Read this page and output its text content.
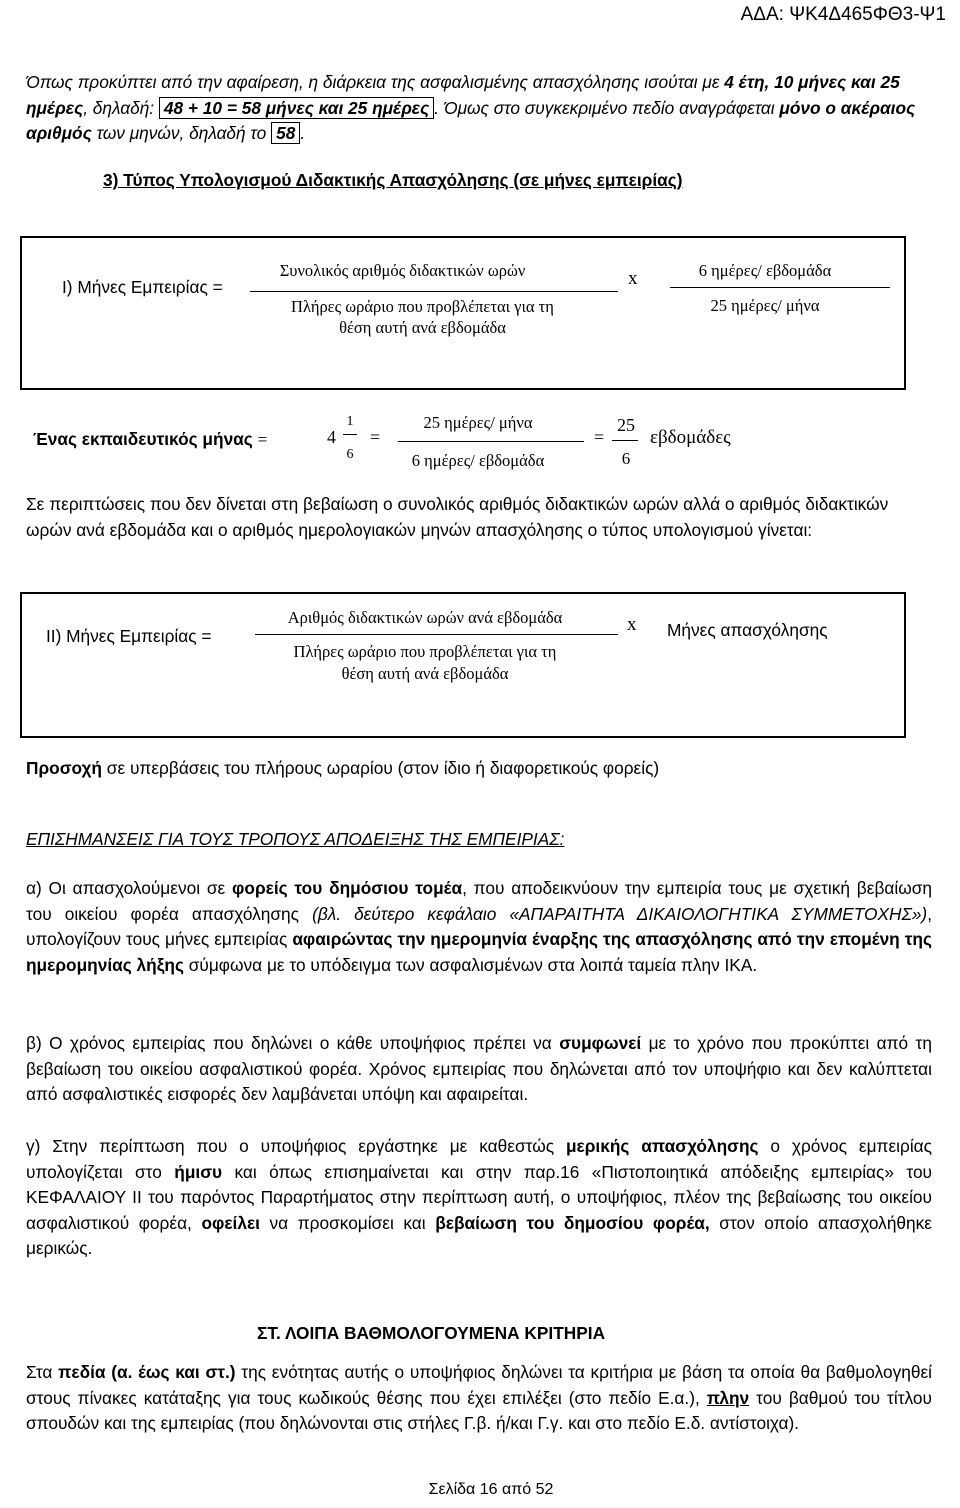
ΑΔΑ: ΨΚ4Δ465ΦΘ3-Ψ1
Όπως προκύπτει από την αφαίρεση, η διάρκεια της ασφαλισμένης απασχόλησης ισούται με 4 έτη, 10 μήνες και 25 ημέρες, δηλαδή: 48 + 10 = 58 μήνες και 25 ημέρες . Όμως στο συγκεκριμένο πεδίο αναγράφεται μόνο ο ακέραιος αριθμός των μηνών, δηλαδή το 58 .
3) Τύπος Υπολογισμού Διδακτικής Απασχόλησης (σε μήνες εμπειρίας)
Ι) Μήνες Εμπειρίας =
Συνολικός αριθμός διδακτικών ωρών
Πλήρες ωράριο που προβλέπεται για τη
θέση αυτή ανά εβδομάδα
x	6 ημέρες/ εβδομάδα
25 ημέρες/ μήνα
Ένας εκπαιδευτικός μήνας =	4
1
6
=
25 ημέρες/ μήνα
6 ημέρες/ εβδομάδα
=
25
6
εβδομάδες
Σε περιπτώσεις που δεν δίνεται στη βεβαίωση ο συνολικός αριθμός διδακτικών ωρών αλλά ο αριθμός διδακτικών ωρών ανά εβδομάδα και ο αριθμός ημερολογιακών μηνών απασχόλησης ο τύπος υπολογισμού γίνεται:
ΙΙ) Μήνες Εμπειρίας =
Αριθμός διδακτικών ωρών ανά εβδομάδα
Πλήρες ωράριο που προβλέπεται για τη
θέση αυτή ανά εβδομάδα
x Μήνες απασχόλησης
Προσοχή σε υπερβάσεις του πλήρους ωραρίου (στον ίδιο ή διαφορετικούς φορείς)
ΕΠΙΣΗΜΑΝΣΕΙΣ ΓΙΑ ΤΟΥΣ ΤΡΟΠΟΥΣ ΑΠΟΔΕΙΞΗΣ ΤΗΣ ΕΜΠΕΙΡΙΑΣ:
α) Οι απασχολούμενοι σε φορείς του δημόσιου τομέα, που αποδεικνύουν την εμπειρία τους με σχετική βεβαίωση του οικείου φορέα απασχόλησης (βλ. δεύτερο κεφάλαιο «ΑΠΑΡΑΙΤΗΤΑ ΔΙΚΑΙΟΛΟΓΗΤΙΚΑ ΣΥΜΜΕΤΟΧΗΣ»), υπολογίζουν τους μήνες εμπειρίας αφαιρώντας την ημερομηνία έναρξης της απασχόλησης από την επομένη της ημερομηνίας λήξης σύμφωνα με το υπόδειγμα των ασφαλισμένων στα λοιπά ταμεία πλην ΙΚΑ.
β) Ο χρόνος εμπειρίας που δηλώνει ο κάθε υποψήφιος πρέπει να συμφωνεί με το χρόνο που προκύπτει από τη βεβαίωση του οικείου ασφαλιστικού φορέα. Χρόνος εμπειρίας που δηλώνεται από τον υποψήφιο και δεν καλύπτεται από ασφαλιστικές εισφορές δεν λαμβάνεται υπόψη και αφαιρείται.
γ) Στην περίπτωση που ο υποψήφιος εργάστηκε με καθεστώς μερικής απασχόλησης ο χρόνος εμπειρίας υπολογίζεται στο ήμισυ και όπως επισημαίνεται και στην παρ.16 «Πιστοποιητικά απόδειξης εμπειρίας» του ΚΕΦΑΛΑΙΟΥ ΙΙ του παρόντος Παραρτήματος στην περίπτωση αυτή, ο υποψήφιος, πλέον της βεβαίωσης του οικείου ασφαλιστικού φορέα, οφείλει να προσκομίσει και βεβαίωση του δημοσίου φορέα, στον οποίο απασχολήθηκε μερικώς.
ΣΤ. ΛΟΙΠΑ ΒΑΘΜΟΛΟΓΟΥΜΕΝΑ ΚΡΙΤΗΡΙΑ
Στα πεδία (α. έως και στ.) της ενότητας αυτής ο υποψήφιος δηλώνει τα κριτήρια με βάση τα οποία θα βαθμολογηθεί στους πίνακες κατάταξης για τους κωδικούς θέσης που έχει επιλέξει (στο πεδίο Ε.α.), πλην του βαθμού του τίτλου σπουδών και της εμπειρίας (που δηλώνονται στις στήλες Γ.β. ή/και Γ.γ. και στο πεδίο Ε.δ. αντίστοιχα).
Σελίδα 16 από 52
